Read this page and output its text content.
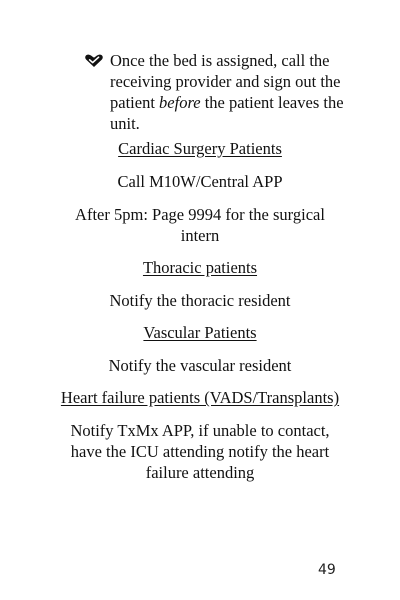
Once the bed is assigned, call the receiving provider and sign out the patient before the patient leaves the unit.

Cardiac Surgery Patients

Call M10W/Central APP

After 5pm: Page 9994 for the surgical intern

Thoracic patients

Notify the thoracic resident

Vascular Patients

Notify the vascular resident

Heart failure patients (VADS/Transplants)

Notify TxMx APP, if unable to contact, have the ICU attending notify the heart failure attending

49
